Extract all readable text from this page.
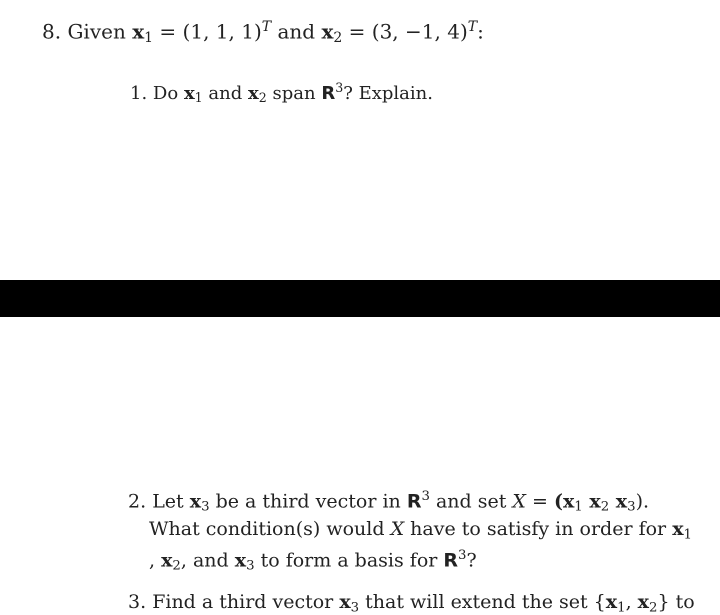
8. Given $x_1 = (1$, 1, 1)$^T$ and $x_2 = (3$, −1, 4)$^T$:
1. Do $x_1$ and $x_2$ span $R^3$? Explain.
2. Let $x_3$ be a third vector in $R^3$ and set $X = (x_1$ $x_2$ $x_3$).
What condition(s) would X have to satisfy in order for $x_1$
, $x_2$, and $x_3$ to form a basis for $R^3$?
3. Find a third vector $x_3$ that will extend the set {$x_1$, $x_2$} to
